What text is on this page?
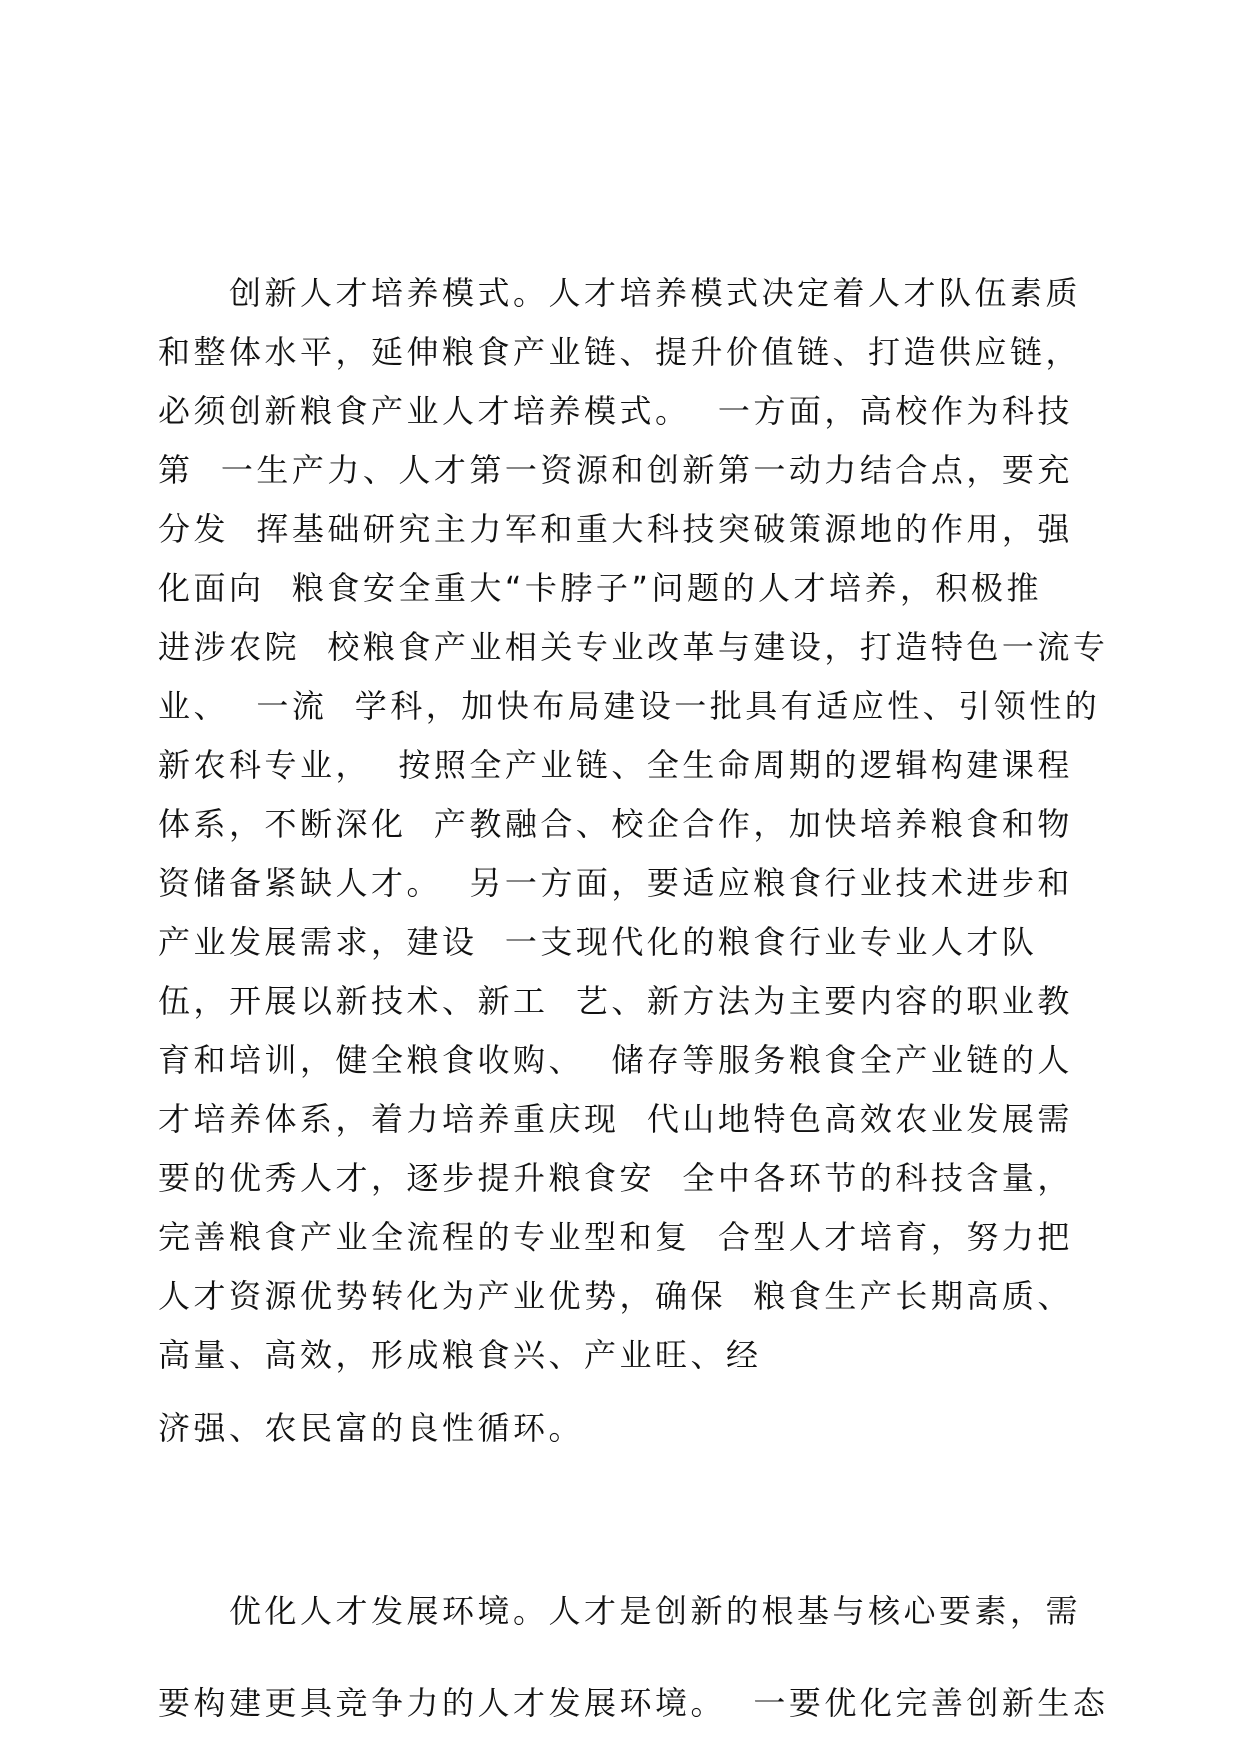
　　创新人才培养模式。人才培养模式决定着人才队伍素质
和整体水平，延伸粮食产业链、提升价值链、打造供应链，
必须创新粮食产业人才培养模式。  一方面，高校作为科技
第  一生产力、人才第一资源和创新第一动力结合点，要充
分发  挥基础研究主力军和重大科技突破策源地的作用，强
化面向  粮食安全重大“卡脖子”问题的人才培养，积极推
进涉农院  校粮食产业相关专业改革与建设，打造特色一流专
业、  一流  学科，加快布局建设一批具有适应性、引领性的
新农科专业，  按照全产业链、全生命周期的逻辑构建课程
体系，不断深化  产教融合、校企合作，加快培养粮食和物
资储备紧缺人才。  另一方面，要适应粮食行业技术进步和
产业发展需求，建设  一支现代化的粮食行业专业人才队
伍，开展以新技术、新工  艺、新方法为主要内容的职业教
育和培训，健全粮食收购、  储存等服务粮食全产业链的人
才培养体系，着力培养重庆现  代山地特色高效农业发展需
要的优秀人才，逐步提升粮食安  全中各环节的科技含量，
完善粮食产业全流程的专业型和复  合型人才培育，努力把
人才资源优势转化为产业优势，确保  粮食生产长期高质、
高量、高效，形成粮食兴、产业旺、经
济强、农民富的良性循环。
　　优化人才发展环境。人才是创新的根基与核心要素，需
要构建更具竞争力的人才发展环境。  一要优化完善创新生态
